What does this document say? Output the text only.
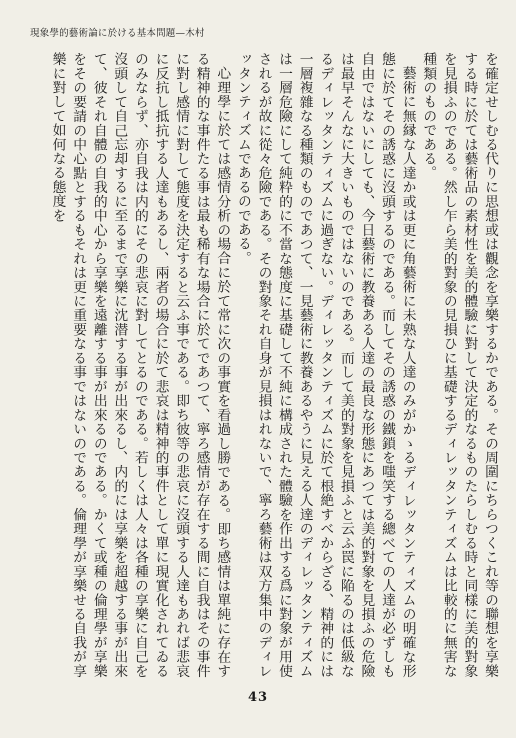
現象學的藝術論に於ける基本問題—木村

を確定せしむる代りに思想或は觀念を享樂するかである。その周圍にちらつくこれ等の聯想を享樂する時に於ては藝術品の素材性を美的體驗に對して決定的なるものたらしむる時と同樣に美的對象を見損ふのである。然し乍ら美的對象の見損ひに基礎するディレッタンティズムは比較的に無害な種類のものである。

藝術に無縁な人達か或は更に角藝術に未熟な人達のみがかゝるディレッタンティズムの明確な形態に於てその誘惑に沒頭するのである。而してその誘惑の鐵鎖を嗤笑する總べての人達が必ずしも自由ではないにしても、今日藝術に教養ある人達の最良な形態にあつては美的對象を見損ふの危險は最早そんなに大きいものではないのである。而して美的對象を見損ふと云ふ罠に陥るのは低級なるディレッタンティズムに過ぎない。ディレッタンティズムに於て根絶すべからざる、精神的には一層複雜なる種類のものであつて、一見藝術に教養あるやうに見える人達のディレッタンティズムは一層危險にして純粋的に不當な態度に基礎して不純に構成された體驗を作出する爲に對象が用使されるが故に從々危險である。その對象それ自身が見損はれないで、寧ろ藝術は双方集中のディレッタンティズムであるのである。

心理學に於ては感情分析の場合に於て常に次の事實を看過し勝である。即ち感情は單純に存在する精神的な事件たる事は最も稀有な場合に於てであつて、寧ろ感情が存在する間に自我はその事件に對し感情に對して態度を決定すると云ふ事である。即ち彼等の悲哀に沒頭する人達もあれば悲哀に反抗し抵抗する人達もあるし、兩者の場合に於て悲哀は精神的事件として單に現實化されてゐるのみならず、亦自我は内的にその悲哀に對してとるのである。若しくは人々は各種の享樂に自己を沒頭して自己忘却するに至るまで享樂に沈潜する事が出來るし、内的には享樂を超越する事が出來て、彼それ自體の自我的中心から享樂を遠離する事が出來るのである。かくて或種の倫理學が享樂をその要請の中心點とするもそれは更に重要なる事ではないのである。倫理學が享樂せる自我が享樂に對して如何なる態度を

43
